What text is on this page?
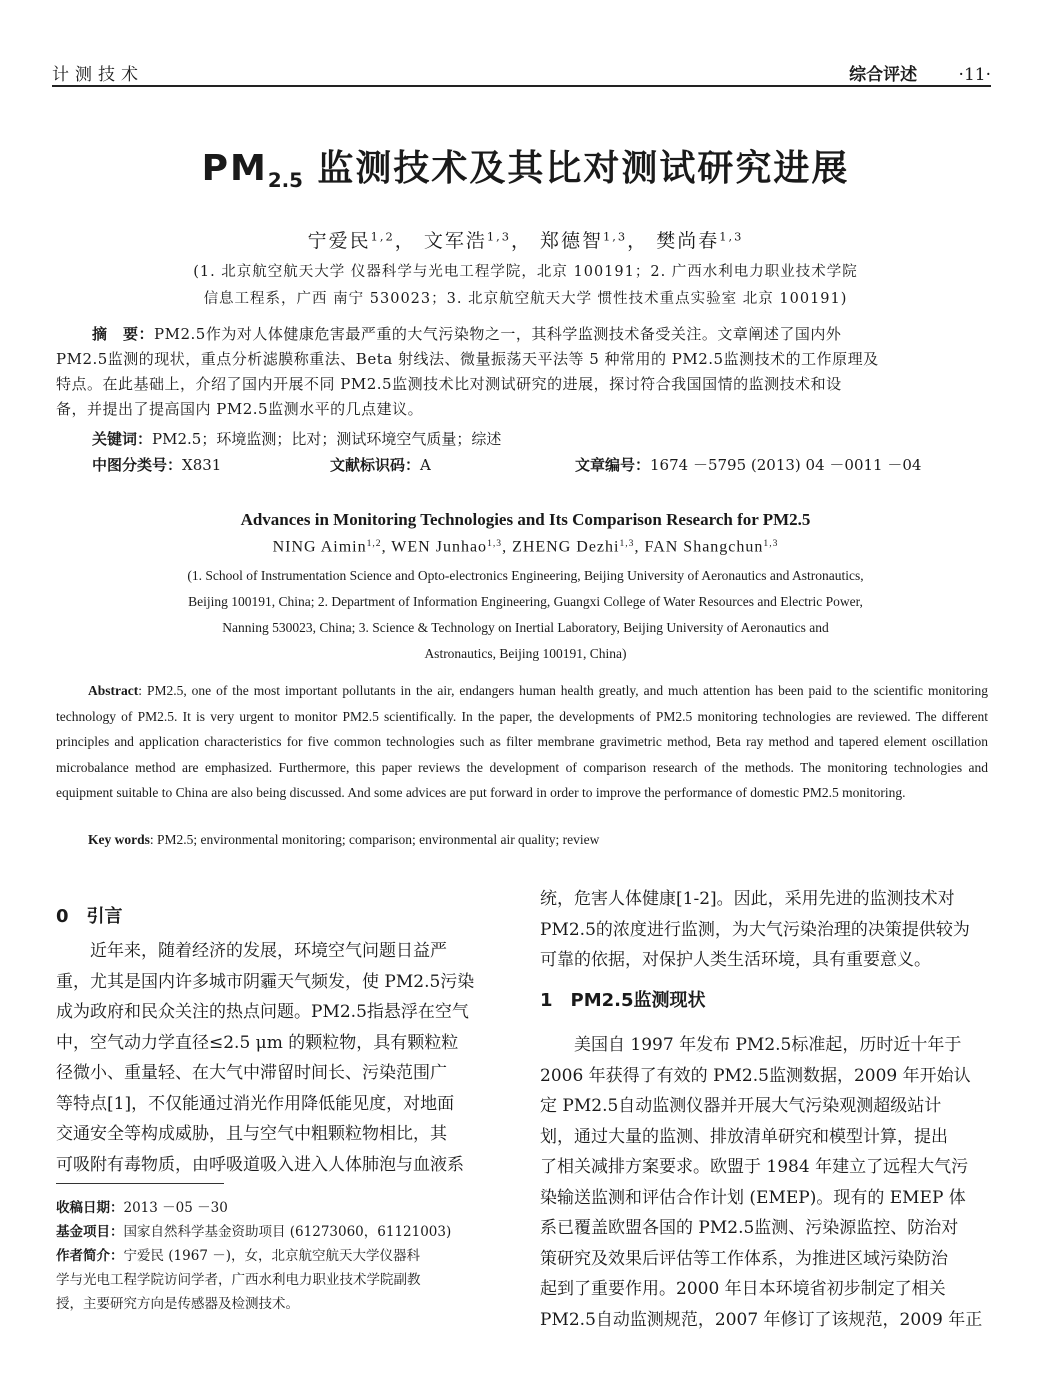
计测技术	综合评述 ·11·
$PM_{2.5}$ 监测技术及其比对测试研究进展
宁爱民$^{1,2}$， 文军浩$^{1,3}$， 郑德智$^{1,3}$， 樊尚春$^{1,3}$
(1. 北京航空航天大学 仪器科学与光电工程学院，北京 100191；2. 广西水利电力职业技术学院
信息工程系，广西 南宁 530023；3. 北京航空航天大学 惯性技术重点实验室 北京 100191)
摘　要：PM2.5作为对人体健康危害最严重的大气污染物之一，其科学监测技术备受关注。文章阐述了国内外
PM2.5监测的现状，重点分析滤膜称重法、Beta 射线法、微量振荡天平法等 5 种常用的 PM2.5监测技术的工作原理及
特点。在此基础上，介绍了国内开展不同 PM2.5监测技术比对测试研究的进展，探讨符合我国国情的监测技术和设
备，并提出了提高国内 PM2.5监测水平的几点建议。
关键词：PM2.5；环境监测；比对；测试环境空气质量；综述
中图分类号：X831	文献标识码：A	文章编号：1674 －5795 (2013) 04 －0011 －04
Advances in Monitoring Technologies and Its Comparison Research for PM2.5
NING Aimin$^{1,2}$, WEN Junhao$^{1,3}$, ZHENG Dezhi$^{1,3}$, FAN Shangchun$^{1,3}$
(1. School of Instrumentation Science and Opto-electronics Engineering, Beijing University of Aeronautics and Astronautics,
Beijing 100191, China; 2. Department of Information Engineering, Guangxi College of Water Resources and Electric Power,
Nanning 530023, China; 3. Science & Technology on Inertial Laboratory, Beijing University of Aeronautics and
Astronautics, Beijing 100191, China)
Abstract: PM2.5, one of the most important pollutants in the air, endangers human health greatly, and much attention has been paid to the scientific monitoring technology of PM2.5. It is very urgent to monitor PM2.5 scientifically. In the paper, the developments of PM2.5 monitoring technologies are reviewed. The different principles and application characteristics for five common technologies such as filter membrane gravimetric method, Beta ray method and tapered element oscillation microbalance method are emphasized. Furthermore, this paper reviews the development of comparison research of the methods. The monitoring technologies and equipment suitable to China are also being discussed. And some advices are put forward in order to improve the performance of domestic PM2.5 monitoring.
Key words: PM2.5; environmental monitoring; comparison; environmental air quality; review
0　引言
　　近年来，随着经济的发展，环境空气问题日益严
重，尤其是国内许多城市阴霾天气频发，使 PM2.5污染
成为政府和民众关注的热点问题。PM2.5指悬浮在空气
中，空气动力学直径≤2.5 μm 的颗粒物，具有颗粒粒
径微小、重量轻、在大气中滞留时间长、污染范围广
等特点[1]，不仅能通过消光作用降低能见度，对地面
交通安全等构成威胁，且与空气中粗颗粒物相比，其
可吸附有毒物质，由呼吸道吸入进入人体肺泡与血液系
收稿日期：2013 －05 －30
基金项目：国家自然科学基金资助项目 (61273060，61121003)
作者简介：宁爱民 (1967 －)，女，北京航空航天大学仪器科
学与光电工程学院访问学者，广西水利电力职业技术学院副教
授，主要研究方向是传感器及检测技术。
统，危害人体健康[1-2]。因此，采用先进的监测技术对
PM2.5的浓度进行监测，为大气污染治理的决策提供较为
可靠的依据，对保护人类生活环境，具有重要意义。
1　PM2.5监测现状
　　美国自 1997 年发布 PM2.5标准起，历时近十年于
2006 年获得了有效的 PM2.5监测数据，2009 年开始认
定 PM2.5自动监测仪器并开展大气污染观测超级站计
划，通过大量的监测、排放清单研究和模型计算，提出
了相关减排方案要求。欧盟于 1984 年建立了远程大气污
染输送监测和评估合作计划 (EMEP)。现有的 EMEP 体
系已覆盖欧盟各国的 PM2.5监测、污染源监控、防治对
策研究及效果后评估等工作体系，为推进区域污染防治
起到了重要作用。2000 年日本环境省初步制定了相关
PM2.5自动监测规范，2007 年修订了该规范，2009 年正
